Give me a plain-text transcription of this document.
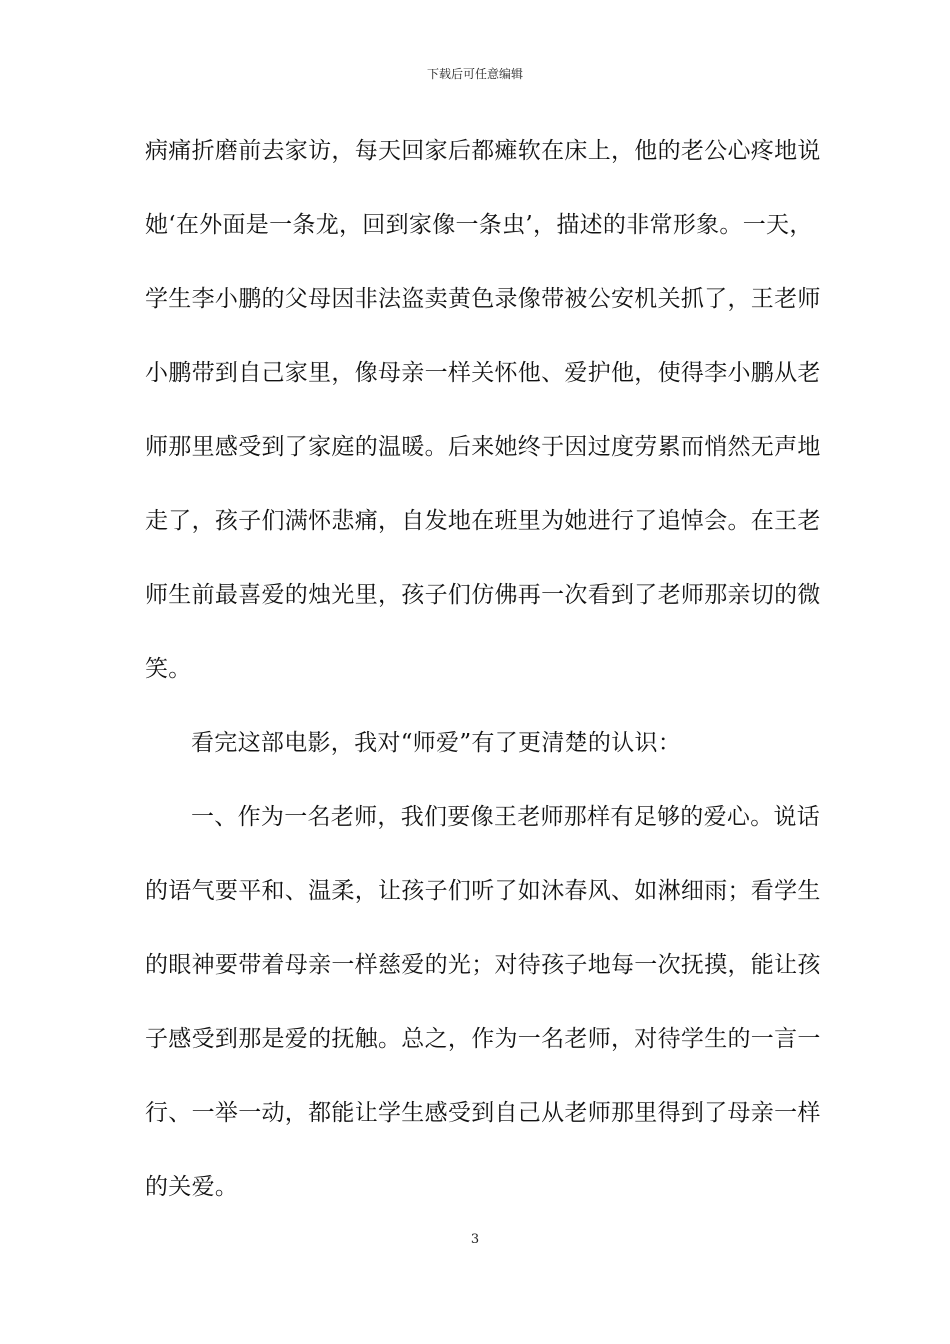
下载后可任意编辑
病痛折磨前去家访，每天回家后都瘫软在床上，他的老公心疼地说
她‘在外面是一条龙，回到家像一条虫’，描述的非常形象。一天，
学生李小鹏的父母因非法盗卖黄色录像带被公安机关抓了，王老师
小鹏带到自己家里，像母亲一样关怀他、爱护他，使得李小鹏从老
师那里感受到了家庭的温暖。后来她终于因过度劳累而悄然无声地
走了，孩子们满怀悲痛，自发地在班里为她进行了追悼会。在王老
师生前最喜爱的烛光里，孩子们仿佛再一次看到了老师那亲切的微
笑。
看完这部电影，我对“师爱”有了更清楚的认识：
一、作为一名老师，我们要像王老师那样有足够的爱心。说话
的语气要平和、温柔，让孩子们听了如沐春风、如淋细雨；看学生
的眼神要带着母亲一样慈爱的光；对待孩子地每一次抚摸，能让孩
子感受到那是爱的抚触。总之，作为一名老师，对待学生的一言一
行、一举一动，都能让学生感受到自己从老师那里得到了母亲一样
的关爱。
3
